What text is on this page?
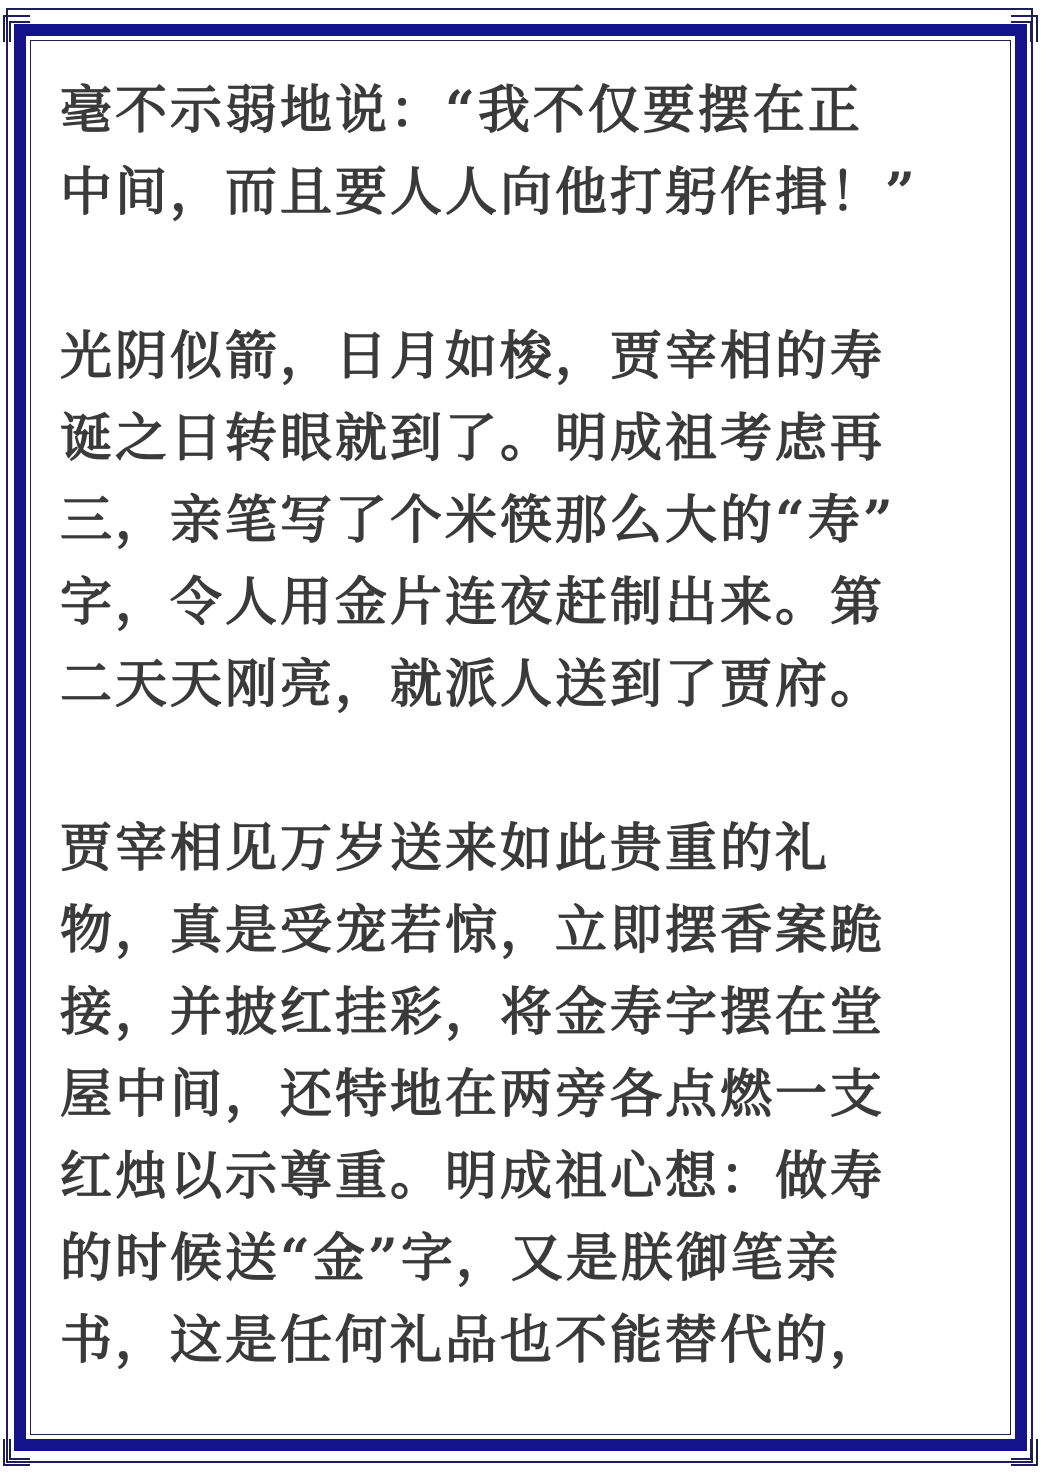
毫不示弱地说：“我不仅要摆在正
中间，而且要人人向他打躬作揖！”
光阴似箭，日月如梭，贾宰相的寿
诞之日转眼就到了。明成祖考虑再
三，亲笔写了个米筷那么大的“寿”
字，令人用金片连夜赶制出来。第
二天天刚亮，就派人送到了贾府。
贾宰相见万岁送来如此贵重的礼
物，真是受宠若惊，立即摆香案跪
接，并披红挂彩，将金寿字摆在堂
屋中间，还特地在两旁各点燃一支
红烛以示尊重。明成祖心想：做寿
的时候送“金”字，又是朕御笔亲
书，这是任何礼品也不能替代的，
